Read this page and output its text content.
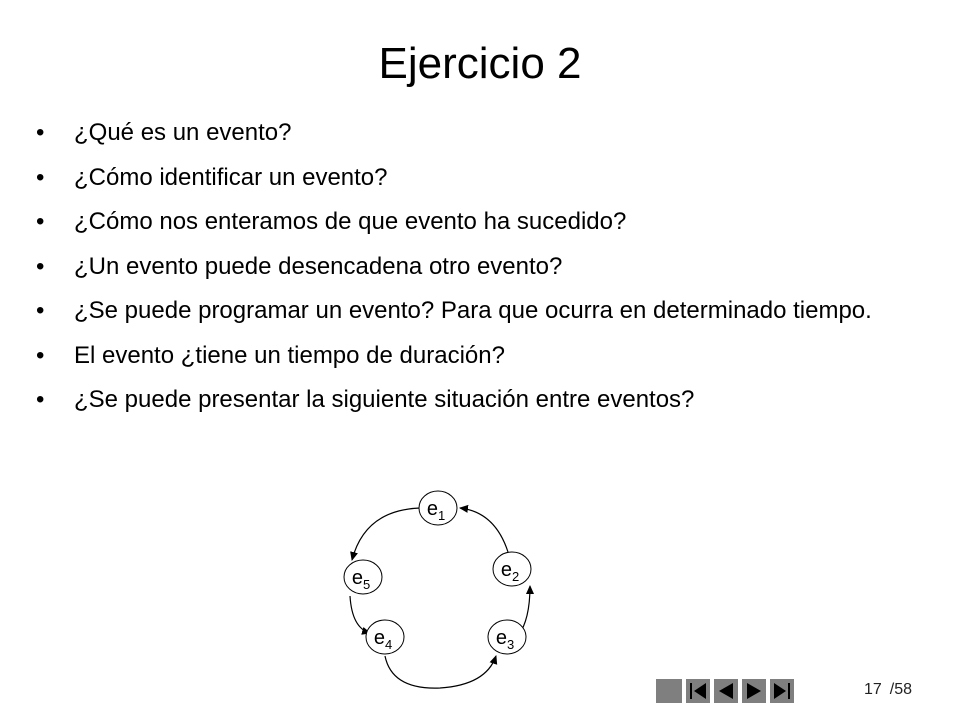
Ejercicio 2
• ¿Qué es un evento?
• ¿Cómo identificar un evento?
• ¿Cómo nos enteramos de que evento ha sucedido?
• ¿Un evento puede desencadena otro evento?
• ¿Se puede programar un evento? Para que ocurra en determinado tiempo.
• El evento ¿tiene un tiempo de duración?
• ¿Se puede presentar la siguiente situación entre eventos?
$e_1$
$e_2$
$e_3$
$e_4$
$e_5$
17 /58
